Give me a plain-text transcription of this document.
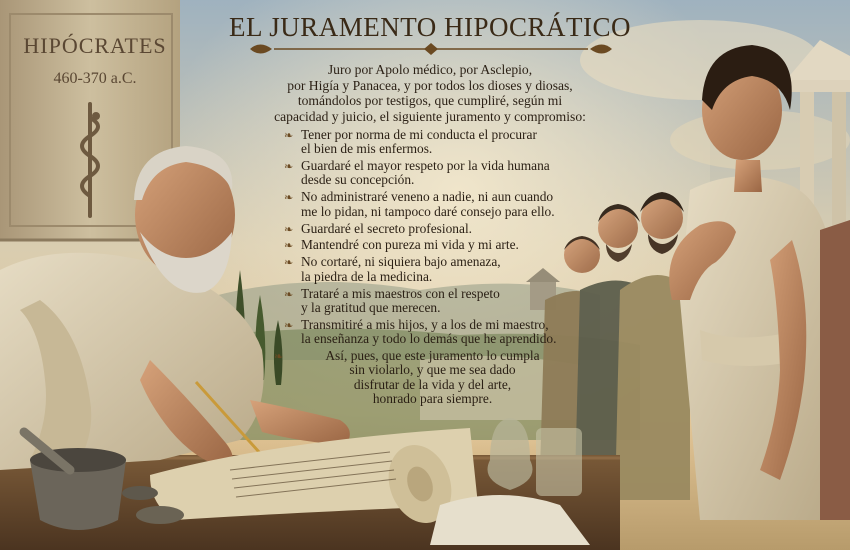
HIPÓCRATES
460-370 a.C.
EL JURAMENTO HIPOCRÁTICO
Juro por Apolo médico, por Asclepio,
por Higía y Panacea, y por todos los dioses y diosas,
tomándolos por testigos, que cumpliré, según mi
capacidad y juicio, el siguiente juramento y compromiso:
❧ Tener por norma de mi conducta el procurar
el bien de mis enfermos.
❧ Guardaré el mayor respeto por la vida humana
desde su concepción.
❧ No administraré veneno a nadie, ni aun cuando
me lo pidan, ni tampoco daré consejo para ello.
❧ Guardaré el secreto profesional.
❧ Mantendré con pureza mi vida y mi arte.
❧ No cortaré, ni siquiera bajo amenaza,
la piedra de la medicina.
❧ Trataré a mis maestros con el respeto
y la gratitud que merecen.
❧ Transmitiré a mis hijos, y a los de mi maestro,
la enseñanza y todo lo demás que he aprendido.
❧	Así, pues, que este juramento lo cumpla
sin violarlo, y que me sea dado
disfrutar de la vida y del arte,
honrado para siempre.
